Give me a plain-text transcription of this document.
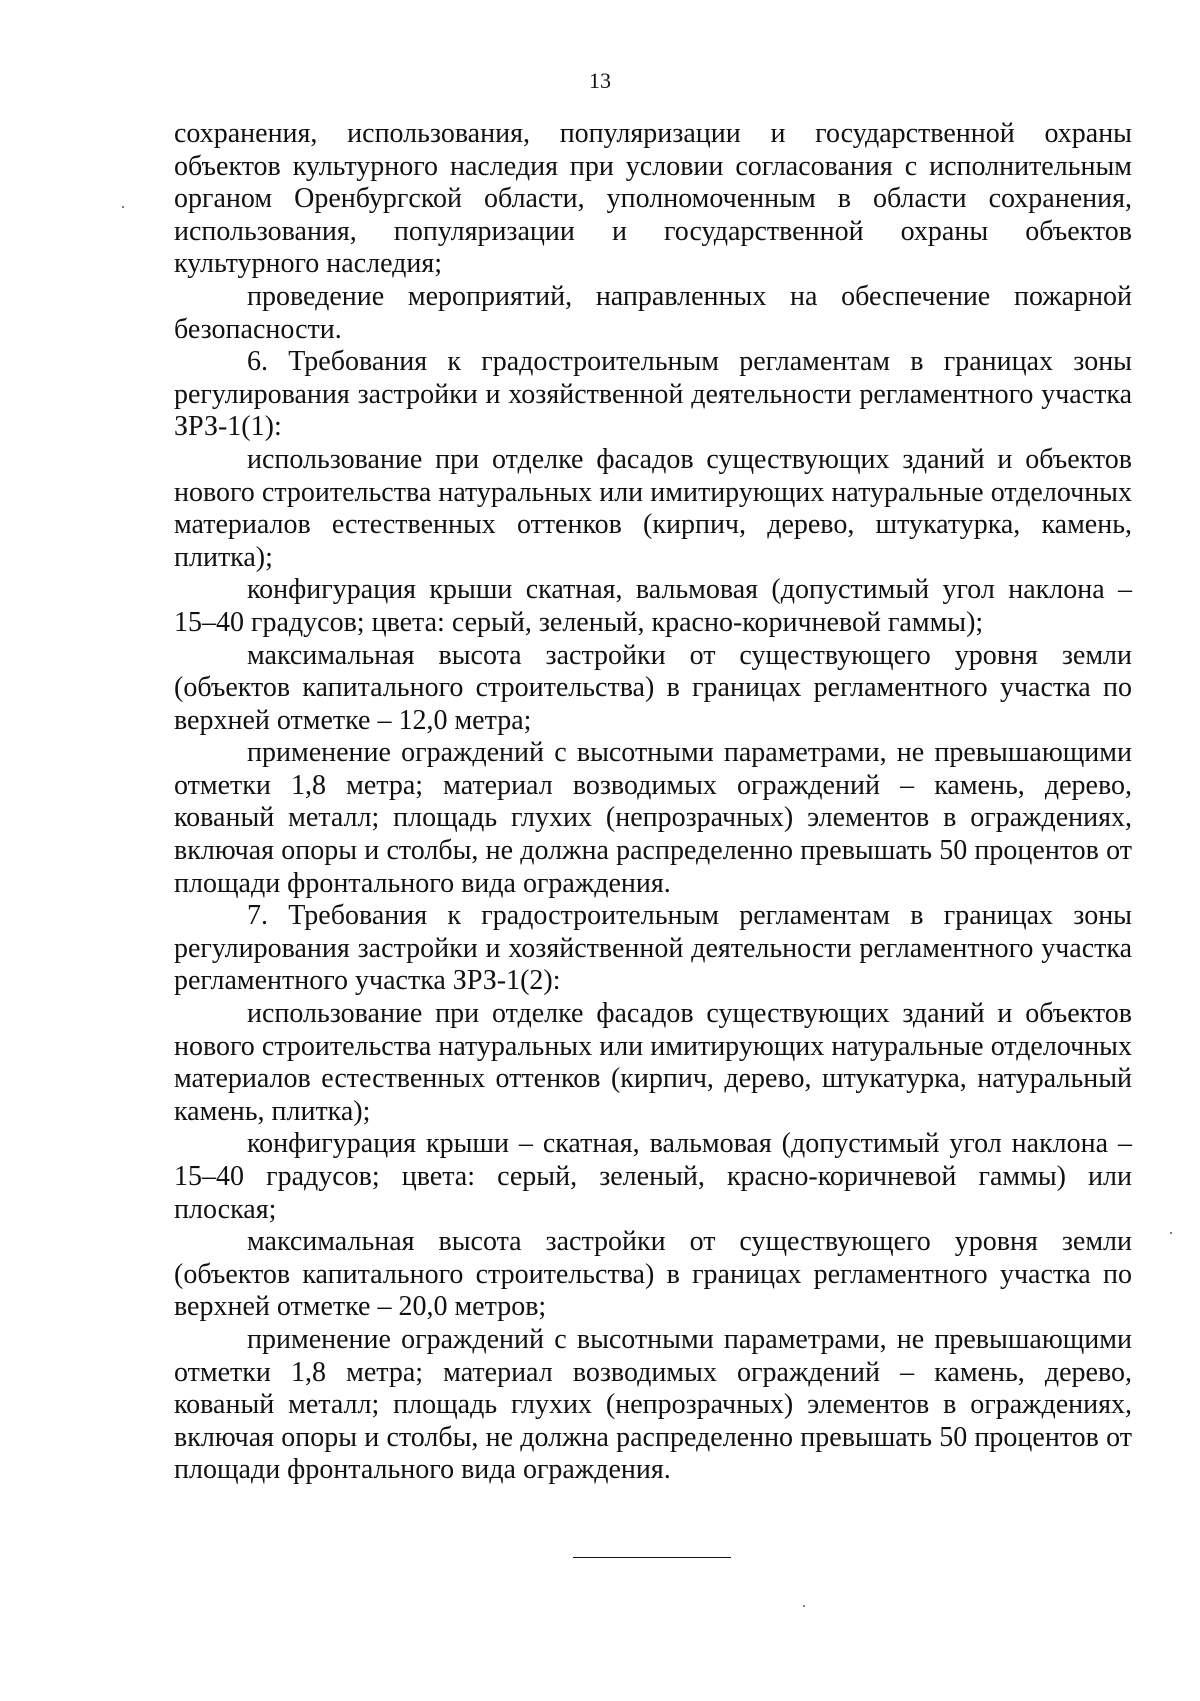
13

сохранения, использования, популяризации и государственной охраны объектов культурного наследия при условии согласования с исполнительным органом Оренбургской области, уполномоченным в области сохранения, использования, популяризации и государственной охраны объектов культурного наследия;

проведение мероприятий, направленных на обеспечение пожарной безопасности.

6. Требования к градостроительным регламентам в границах зоны регулирования застройки и хозяйственной деятельности регламентного участка ЗРЗ-1(1):

использование при отделке фасадов существующих зданий и объектов нового строительства натуральных или имитирующих натуральные отделочных материалов естественных оттенков (кирпич, дерево, штукатурка, камень, плитка);

конфигурация крыши скатная, вальмовая (допустимый угол наклона – 15–40 градусов; цвета: серый, зеленый, красно-коричневой гаммы);

максимальная высота застройки от существующего уровня земли (объектов капитального строительства) в границах регламентного участка по верхней отметке – 12,0 метра;

применение ограждений с высотными параметрами, не превышающими отметки 1,8 метра; материал возводимых ограждений – камень, дерево, кованый металл; площадь глухих (непрозрачных) элементов в ограждениях, включая опоры и столбы, не должна распределенно превышать 50 процентов от площади фронтального вида ограждения.

7. Требования к градостроительным регламентам в границах зоны регулирования застройки и хозяйственной деятельности регламентного участка регламентного участка ЗРЗ-1(2):

использование при отделке фасадов существующих зданий и объектов нового строительства натуральных или имитирующих натуральные отделочных материалов естественных оттенков (кирпич, дерево, штукатурка, натуральный камень, плитка);

конфигурация крыши – скатная, вальмовая (допустимый угол наклона – 15–40 градусов; цвета: серый, зеленый, красно-коричневой гаммы) или плоская;

максимальная высота застройки от существующего уровня земли (объектов капитального строительства) в границах регламентного участка по верхней отметке – 20,0 метров;

применение ограждений с высотными параметрами, не превышающими отметки 1,8 метра; материал возводимых ограждений – камень, дерево, кованый металл; площадь глухих (непрозрачных) элементов в ограждениях, включая опоры и столбы, не должна распределенно превышать 50 процентов от площади фронтального вида ограждения.
